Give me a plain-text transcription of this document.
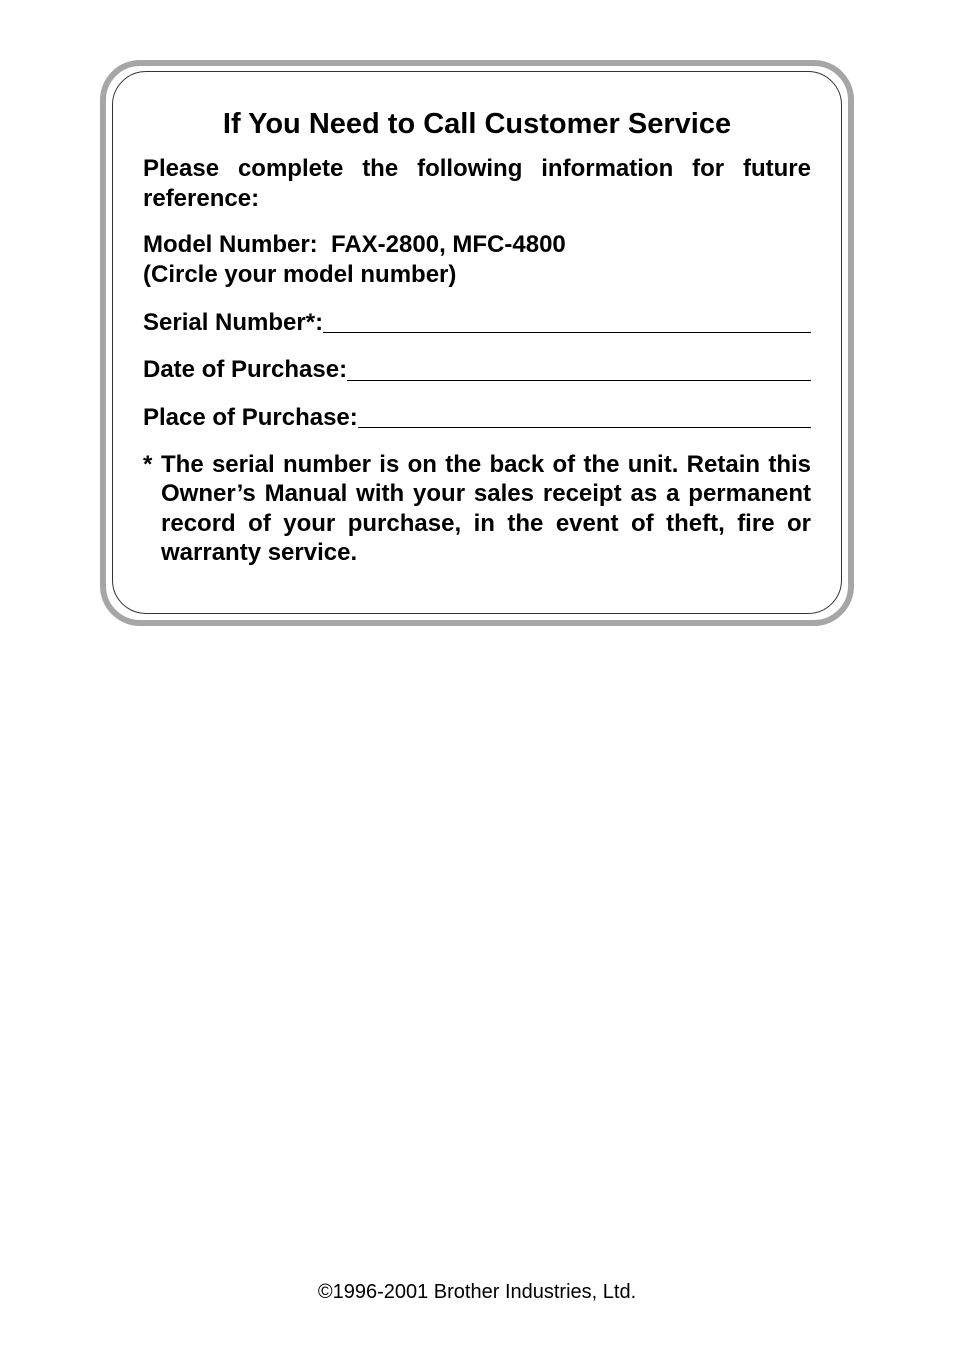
If You Need to Call Customer Service
Please complete the following information for future reference:
Model Number:  FAX-2800, MFC-4800
(Circle your model number)
Serial Number*:
Date of Purchase:
Place of Purchase:
* The serial number is on the back of the unit. Retain this Owner’s Manual with your sales receipt as a permanent record of your purchase, in the event of theft, fire or warranty service.
©1996-2001 Brother Industries, Ltd.
